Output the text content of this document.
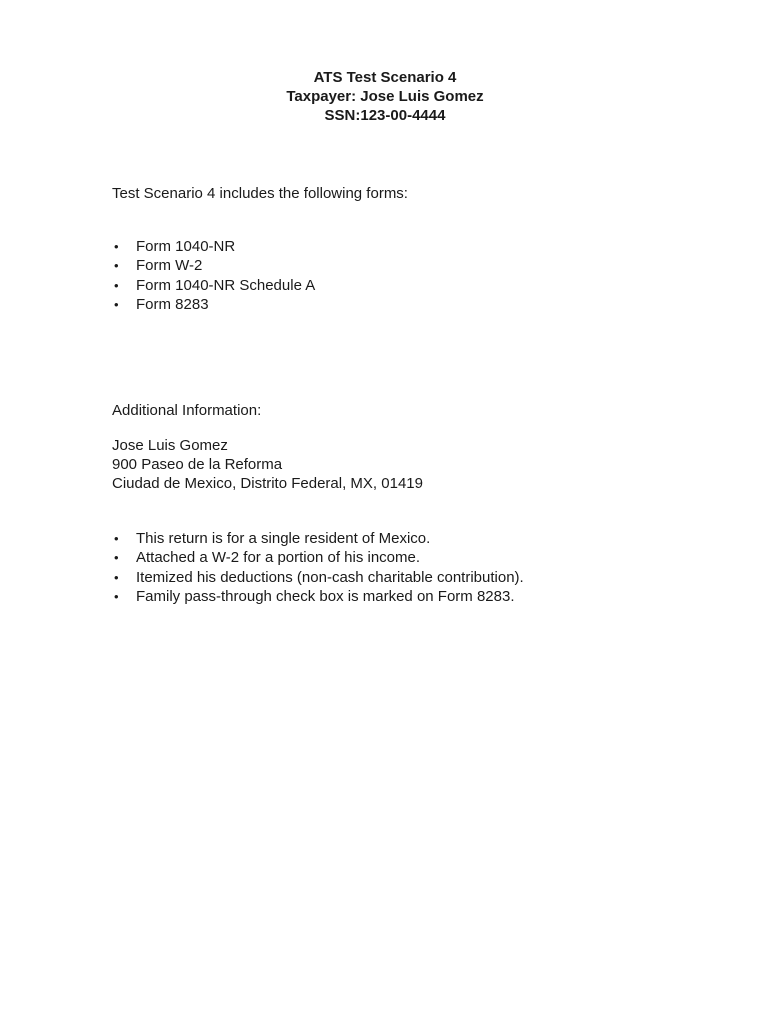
ATS Test Scenario 4
Taxpayer: Jose Luis Gomez
SSN:123-00-4444
Test Scenario 4 includes the following forms:
• Form 1040-NR
• Form W-2
• Form 1040-NR Schedule A
• Form 8283
Additional Information:
Jose Luis Gomez
900 Paseo de la Reforma
Ciudad de Mexico, Distrito Federal, MX, 01419
• This return is for a single resident of Mexico.
• Attached a W-2 for a portion of his income.
• Itemized his deductions (non-cash charitable contribution).
• Family pass-through check box is marked on Form 8283.
